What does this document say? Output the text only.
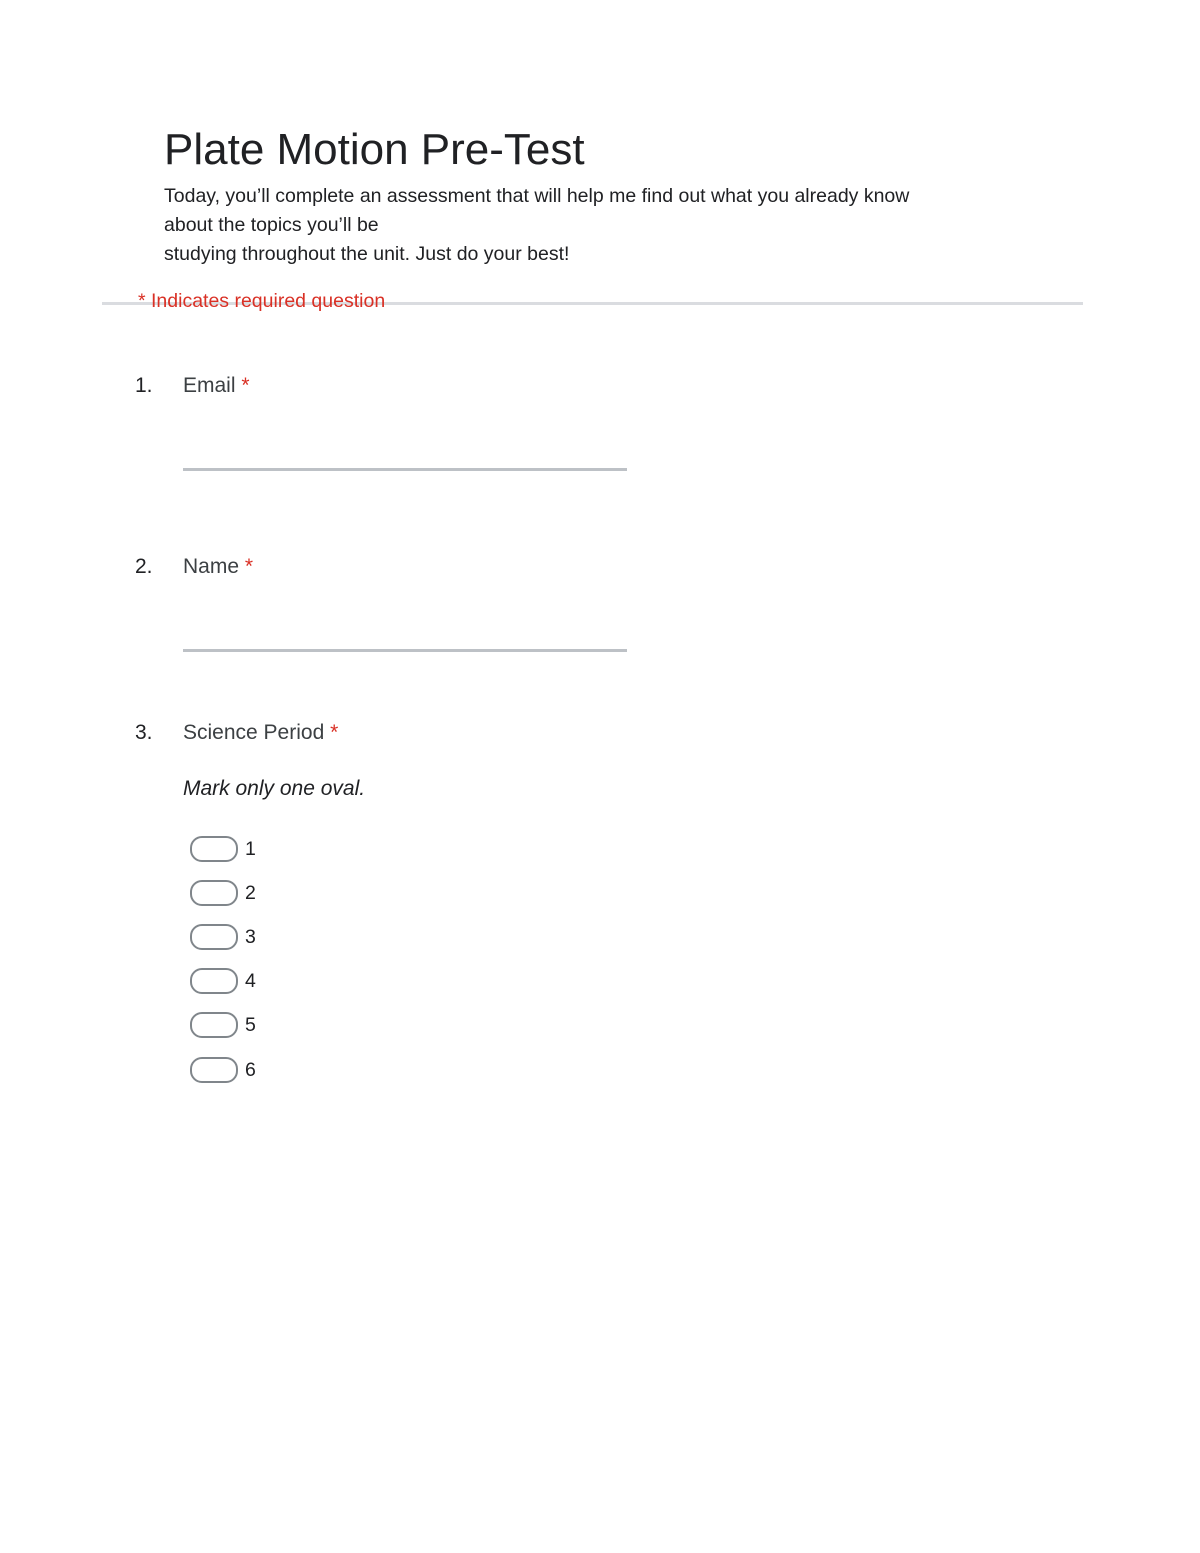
Plate Motion Pre-Test
Today, you’ll complete an assessment that will help me find out what you already know
about the topics you’ll be
studying throughout the unit. Just do your best!
* Indicates required question
1. Email *
2. Name *
3. Science Period *
Mark only one oval.
1
2
3
4
5
6
